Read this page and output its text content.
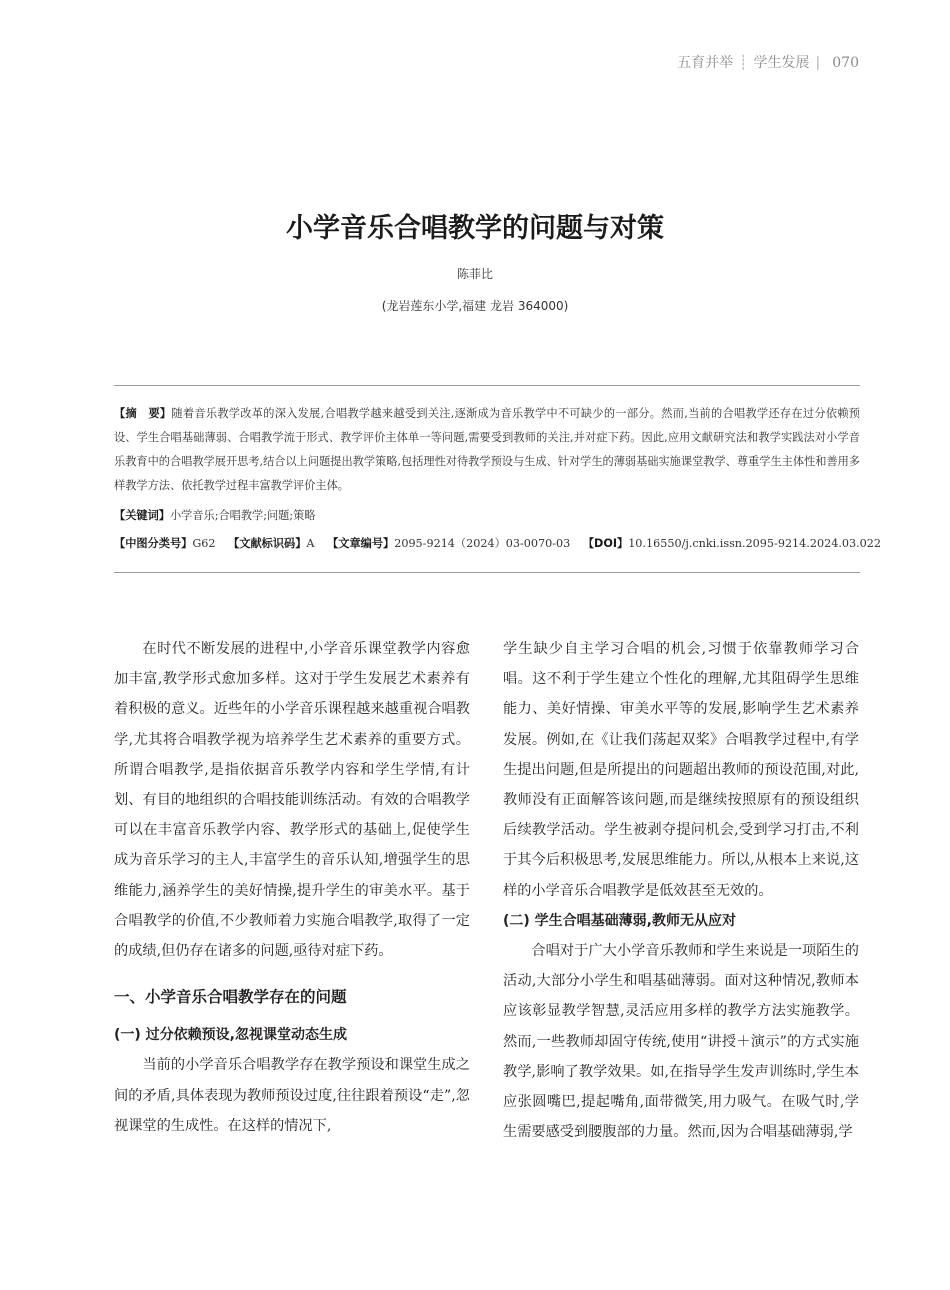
五育并举 ┊ 学生发展 | 070
小学音乐合唱教学的问题与对策
陈菲比
(龙岩莲东小学,福建 龙岩 364000)
【摘　要】随着音乐教学改革的深入发展,合唱教学越来越受到关注,逐渐成为音乐教学中不可缺少的一部分。然而,当前的合唱教学还存在过分依赖预设、学生合唱基础薄弱、合唱教学流于形式、教学评价主体单一等问题,需要受到教师的关注,并对症下药。因此,应用文献研究法和教学实践法对小学音乐教育中的合唱教学展开思考,结合以上问题提出教学策略,包括理性对待教学预设与生成、针对学生的薄弱基础实施课堂教学、尊重学生主体性和善用多样教学方法、依托教学过程丰富教学评价主体。
【关键词】小学音乐;合唱教学;问题;策略
【中图分类号】G62 【文献标识码】A 【文章编号】2095-9214（2024）03-0070-03 【DOI】10.16550/j.cnki.issn.2095-9214.2024.03.022

在时代不断发展的进程中,小学音乐课堂教学内容愈加丰富,教学形式愈加多样。这对于学生发展艺术素养有着积极的意义。近些年的小学音乐课程越来越重视合唱教学,尤其将合唱教学视为培养学生艺术素养的重要方式。所谓合唱教学,是指依据音乐教学内容和学生学情,有计划、有目的地组织的合唱技能训练活动。有效的合唱教学可以在丰富音乐教学内容、教学形式的基础上,促使学生成为音乐学习的主人,丰富学生的音乐认知,增强学生的思维能力,涵养学生的美好情操,提升学生的审美水平。基于合唱教学的价值,不少教师着力实施合唱教学,取得了一定的成绩,但仍存在诸多的问题,亟待对症下药。

一、小学音乐合唱教学存在的问题

(一) 过分依赖预设,忽视课堂动态生成

当前的小学音乐合唱教学存在教学预设和课堂生成之间的矛盾,具体表现为教师预设过度,往往跟着预设“走”,忽视课堂的生成性。在这样的情况下,

学生缺少自主学习合唱的机会,习惯于依靠教师学习合唱。这不利于学生建立个性化的理解,尤其阻碍学生思维能力、美好情操、审美水平等的发展,影响学生艺术素养发展。例如,在《让我们荡起双桨》合唱教学过程中,有学生提出问题,但是所提出的问题超出教师的预设范围,对此,教师没有正面解答该问题,而是继续按照原有的预设组织后续教学活动。学生被剥夺提问机会,受到学习打击,不利于其今后积极思考,发展思维能力。所以,从根本上来说,这样的小学音乐合唱教学是低效甚至无效的。

(二) 学生合唱基础薄弱,教师无从应对

合唱对于广大小学音乐教师和学生来说是一项陌生的活动,大部分小学生和唱基础薄弱。面对这种情况,教师本应该彰显教学智慧,灵活应用多样的教学方法实施教学。然而,一些教师却固守传统,使用“讲授＋演示”的方式实施教学,影响了教学效果。如,在指导学生发声训练时,学生本应张圆嘴巴,提起嘴角,面带微笑,用力吸气。在吸气时,学生需要感受到腰腹部的力量。然而,因为合唱基础薄弱,学
